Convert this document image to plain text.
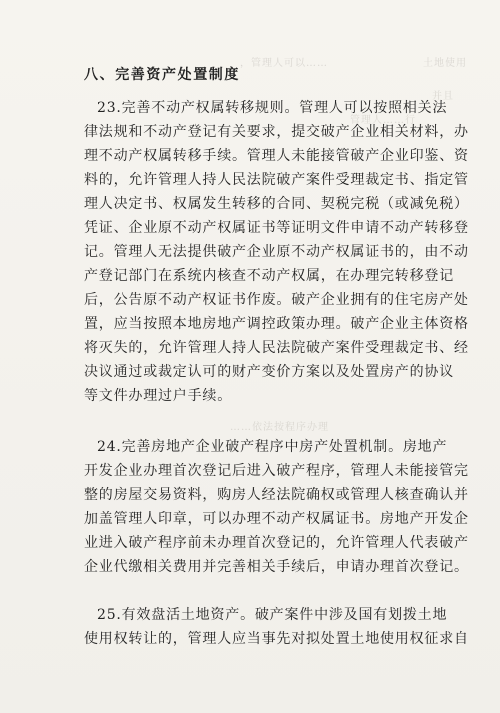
，管理人可以……	土地使用
并且
管理人……行
……依法按程序办理
八、完善资产处置制度
23.完善不动产权属转移规则。管理人可以按照相关法
律法规和不动产登记有关要求，提交破产企业相关材料，办
理不动产权属转移手续。管理人未能接管破产企业印鉴、资
料的，允许管理人持人民法院破产案件受理裁定书、指定管
理人决定书、权属发生转移的合同、契税完税（或减免税）
凭证、企业原不动产权属证书等证明文件申请不动产转移登
记。管理人无法提供破产企业原不动产权属证书的，由不动
产登记部门在系统内核查不动产权属，在办理完转移登记
后，公告原不动产权证书作废。破产企业拥有的住宅房产处
置，应当按照本地房地产调控政策办理。破产企业主体资格
将灭失的，允许管理人持人民法院破产案件受理裁定书、经
决议通过或裁定认可的财产变价方案以及处置房产的协议
等文件办理过户手续。
24.完善房地产企业破产程序中房产处置机制。房地产
开发企业办理首次登记后进入破产程序，管理人未能接管完
整的房屋交易资料，购房人经法院确权或管理人核查确认并
加盖管理人印章，可以办理不动产权属证书。房地产开发企
业进入破产程序前未办理首次登记的，允许管理人代表破产
企业代缴相关费用并完善相关手续后，申请办理首次登记。
25.有效盘活土地资产。破产案件中涉及国有划拨土地
使用权转让的，管理人应当事先对拟处置土地使用权征求自
